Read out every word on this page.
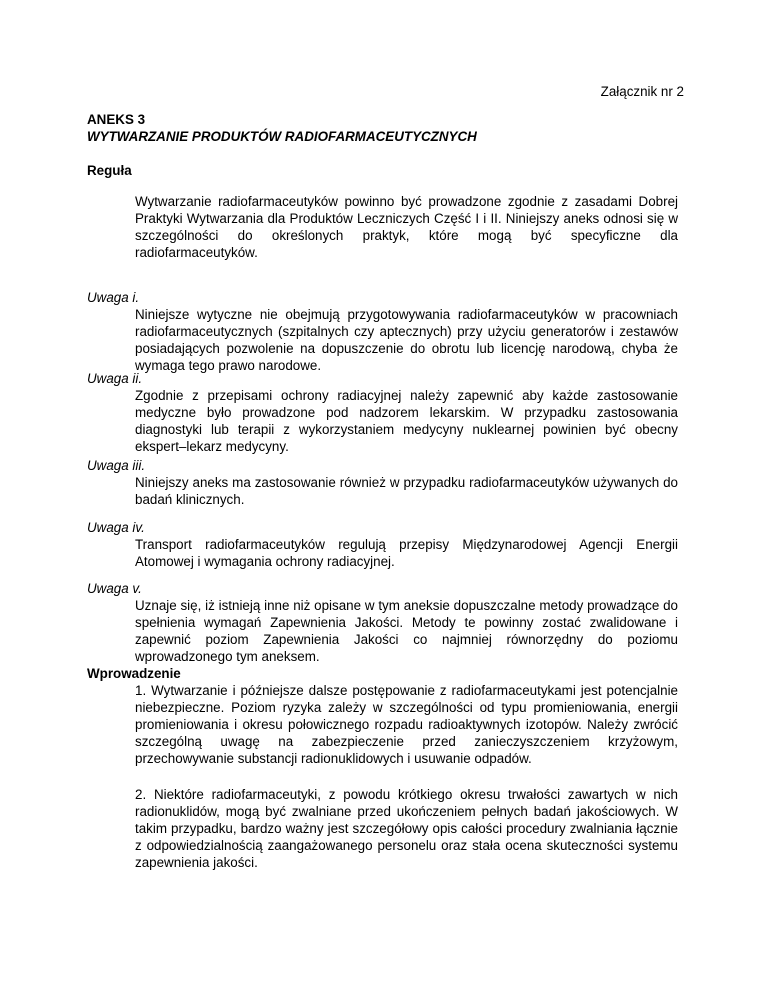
Załącznik nr 2
ANEKS 3
WYTWARZANIE PRODUKTÓW RADIOFARMACEUTYCZNYCH
Reguła
Wytwarzanie radiofarmaceutyków powinno być prowadzone zgodnie z zasadami Dobrej Praktyki Wytwarzania dla Produktów Leczniczych Część I i II. Niniejszy aneks odnosi się w szczególności do określonych praktyk, które mogą być specyficzne dla radiofarmaceutyków.
Uwaga i.
Niniejsze wytyczne nie obejmują przygotowywania radiofarmaceutyków w pracowniach radiofarmaceutycznych (szpitalnych czy aptecznych) przy użyciu generatorów i zestawów posiadających pozwolenie na dopuszczenie do obrotu lub licencję narodową, chyba że wymaga tego prawo narodowe.
Uwaga ii.
Zgodnie z przepisami ochrony radiacyjnej należy zapewnić aby każde zastosowanie medyczne było prowadzone pod nadzorem lekarskim. W przypadku zastosowania diagnostyki lub terapii z wykorzystaniem medycyny nuklearnej powinien być obecny ekspert–lekarz medycyny.
Uwaga iii.
Niniejszy aneks ma zastosowanie również w przypadku radiofarmaceutyków używanych do badań klinicznych.
Uwaga iv.
Transport radiofarmaceutyków regulują przepisy Międzynarodowej Agencji Energii Atomowej i wymagania ochrony radiacyjnej.
Uwaga v.
Uznaje się, iż istnieją inne niż opisane w tym aneksie dopuszczalne metody prowadzące do spełnienia wymagań Zapewnienia Jakości. Metody te powinny zostać zwalidowane i zapewnić poziom Zapewnienia Jakości co najmniej równorzędny do poziomu wprowadzonego tym aneksem.
Wprowadzenie
1. Wytwarzanie i późniejsze dalsze postępowanie z radiofarmaceutykami jest potencjalnie niebezpieczne. Poziom ryzyka zależy w szczególności od typu promieniowania, energii promieniowania i okresu połowicznego rozpadu radioaktywnych izotopów. Należy zwrócić szczególną uwagę na zabezpieczenie przed zanieczyszczeniem krzyżowym, przechowywanie substancji radionuklidowych i usuwanie odpadów.
2. Niektóre radiofarmaceutyki, z powodu krótkiego okresu trwałości zawartych w nich radionuklidów, mogą być zwalniane przed ukończeniem pełnych badań jakościowych. W takim przypadku, bardzo ważny jest szczegółowy opis całości procedury zwalniania łącznie z odpowiedzialnością zaangażowanego personelu oraz stała ocena skuteczności systemu zapewnienia jakości.
